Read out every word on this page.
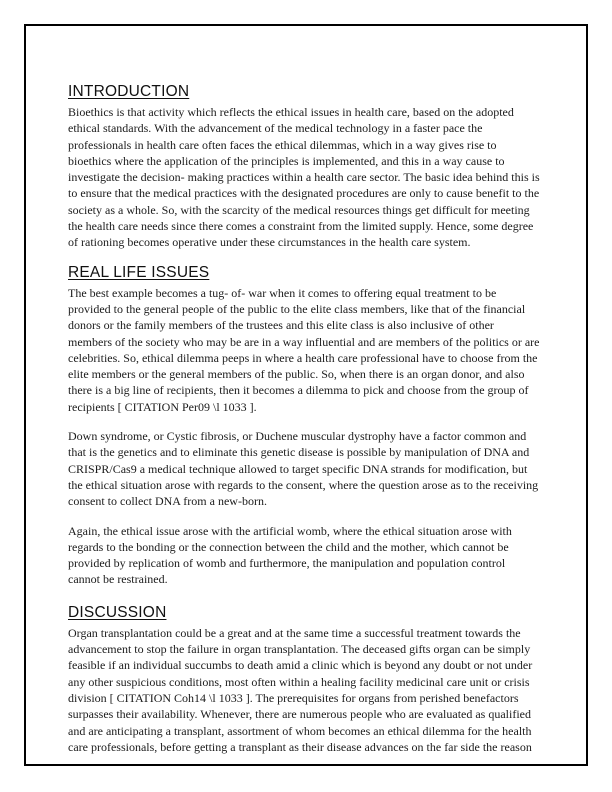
INTRODUCTION

Bioethics is that activity which reflects the ethical issues in health care, based on the adopted ethical standards. With the advancement of the medical technology in a faster pace the professionals in health care often faces the ethical dilemmas, which in a way gives rise to bioethics where the application of the principles is implemented, and this in a way cause to investigate the decision- making practices within a health care sector. The basic idea behind this is to ensure that the medical practices with the designated procedures are only to cause benefit to the society as a whole. So, with the scarcity of the medical resources things get difficult for meeting the health care needs since there comes a constraint from the limited supply. Hence, some degree of rationing becomes operative under these circumstances in the health care system.

REAL LIFE ISSUES

The best example becomes a tug- of- war when it comes to offering equal treatment to be provided to the general people of the public to the elite class members, like that of the financial donors or the family members of the trustees and this elite class is also inclusive of other members of the society who may be are in a way influential and are members of the politics or are celebrities. So, ethical dilemma peeps in where a health care professional have to choose from the elite members or the general members of the public. So, when there is an organ donor, and also there is a big line of recipients, then it becomes a dilemma to pick and choose from the group of recipients [ CITATION Per09 \l 1033 ].

Down syndrome, or Cystic fibrosis, or Duchene muscular dystrophy have a factor common and that is the genetics and to eliminate this genetic disease is possible by manipulation of DNA and CRISPR/Cas9 a medical technique allowed to target specific DNA strands for modification, but the ethical situation arose with regards to the consent, where the question arose as to the receiving consent to collect DNA from a new-born.

Again, the ethical issue arose with the artificial womb, where the ethical situation arose with regards to the bonding or the connection between the child and the mother, which cannot be provided by replication of womb and furthermore, the manipulation and population control cannot be restrained.

DISCUSSION

Organ transplantation could be a great and at the same time a successful treatment towards the advancement to stop the failure in organ transplantation. The deceased gifts organ can be simply feasible if an individual succumbs to death amid a clinic which is beyond any doubt or not under any other suspicious conditions, most often within a healing facility medicinal care unit or crisis division [ CITATION Coh14 \l 1033 ]. The prerequisites for organs from perished benefactors surpasses their availability. Whenever, there are numerous people who are evaluated as qualified and are anticipating a transplant, assortment of whom becomes an ethical dilemma for the health care professionals, before getting a transplant as their disease advances on the far side the reason
